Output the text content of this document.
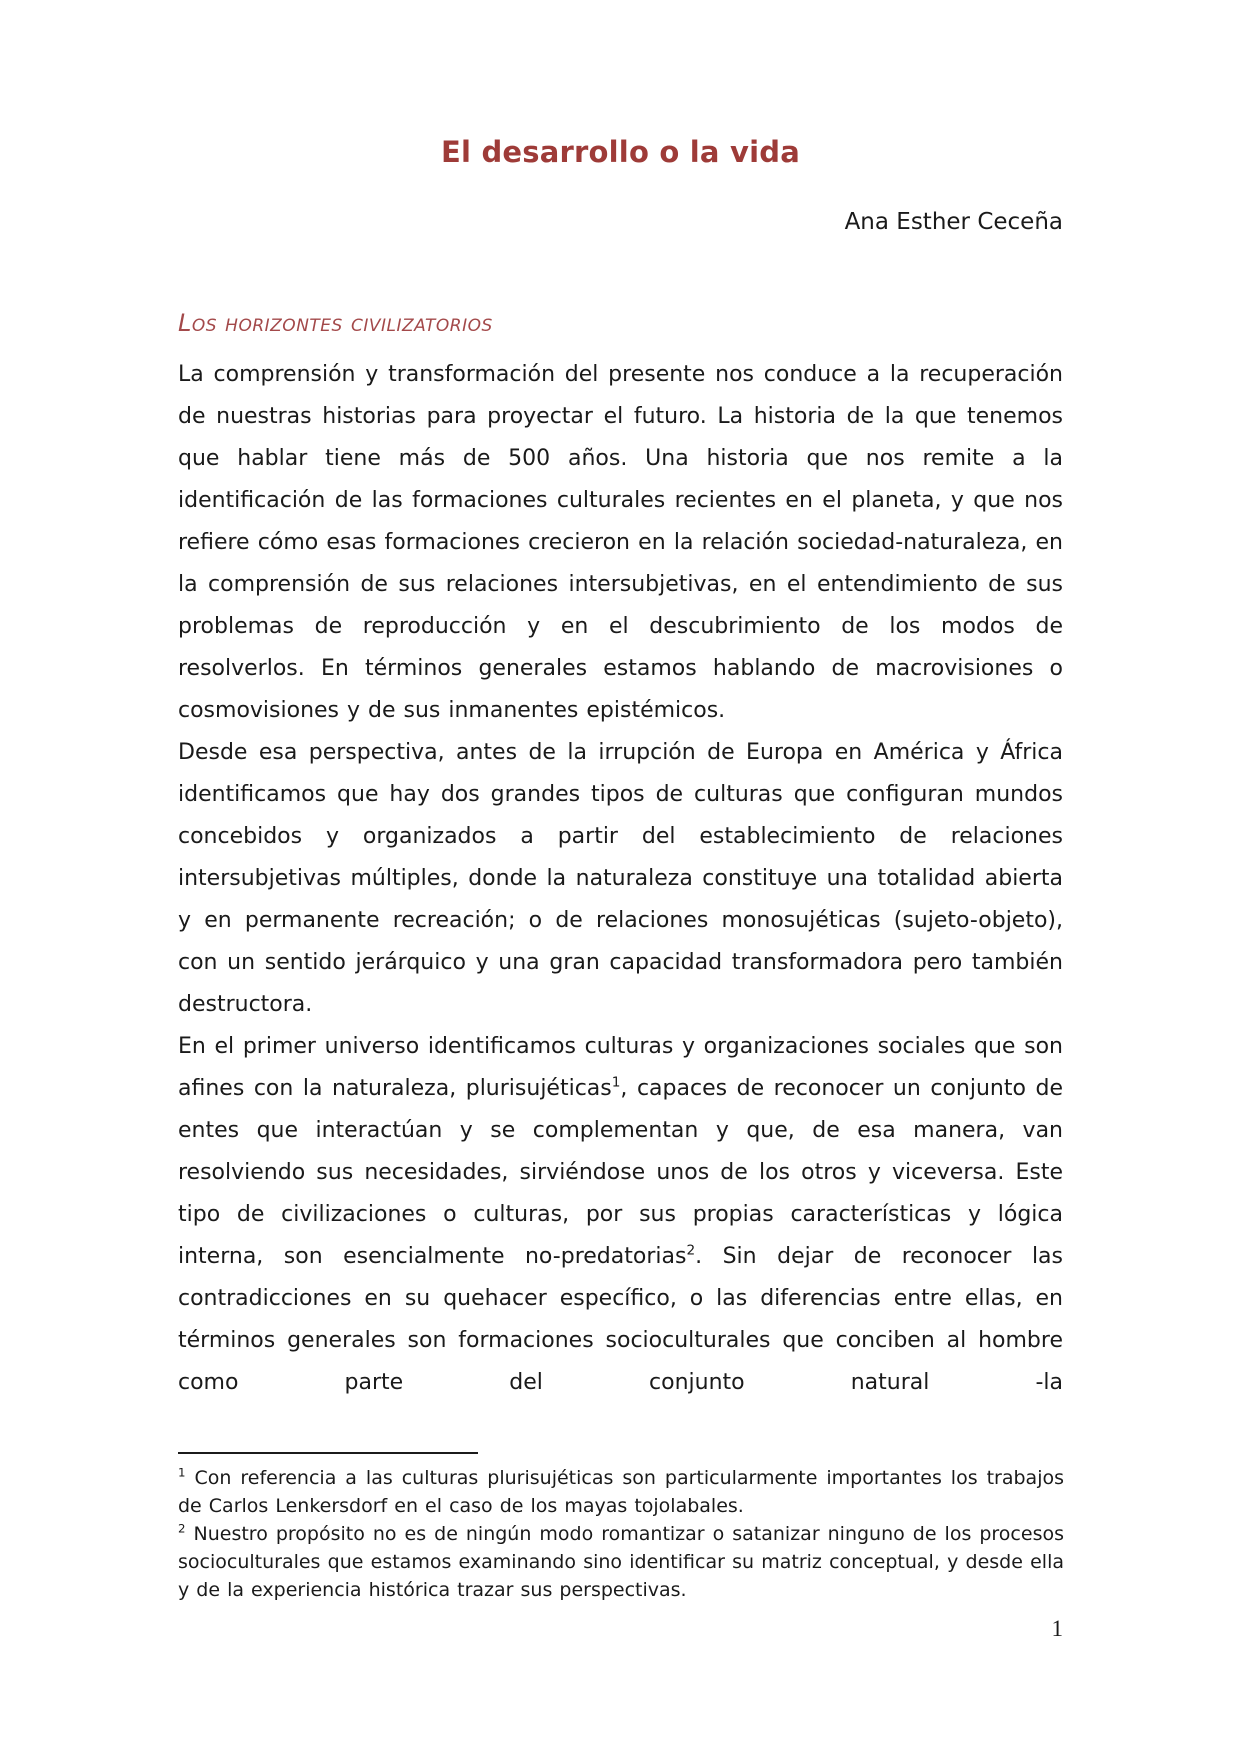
El desarrollo o la vida
Ana Esther Ceceña
Los horizontes civilizatorios

La comprensión y transformación del presente nos conduce a la recuperación de nuestras historias para proyectar el futuro. La historia de la que tenemos que hablar tiene más de 500 años. Una historia que nos remite a la identificación de las formaciones culturales recientes en el planeta, y que nos refiere cómo esas formaciones crecieron en la relación sociedad-naturaleza, en la comprensión de sus relaciones intersubjetivas, en el entendimiento de sus problemas de reproducción y en el descubrimiento de los modos de resolverlos. En términos generales estamos hablando de macrovisiones o cosmovisiones y de sus inmanentes epistémicos.

Desde esa perspectiva, antes de la irrupción de Europa en América y África identificamos que hay dos grandes tipos de culturas que configuran mundos concebidos y organizados a partir del establecimiento de relaciones intersubjetivas múltiples, donde la naturaleza constituye una totalidad abierta y en permanente recreación; o de relaciones monosujéticas (sujeto-objeto), con un sentido jerárquico y una gran capacidad transformadora pero también destructora.

En el primer universo identificamos culturas y organizaciones sociales que son afines con la naturaleza, plurisujéticas$^1$, capaces de reconocer un conjunto de entes que interactúan y se complementan y que, de esa manera, van resolviendo sus necesidades, sirviéndose unos de los otros y viceversa. Este tipo de civilizaciones o culturas, por sus propias características y lógica interna, son esencialmente no-predatorias$^2$. Sin dejar de reconocer las contradicciones en su quehacer específico, o las diferencias entre ellas, en términos generales son formaciones socioculturales que conciben al hombre como parte del conjunto natural -la

$^1$ Con referencia a las culturas plurisujéticas son particularmente importantes los trabajos de Carlos Lenkersdorf en el caso de los mayas tojolabales.

$^2$ Nuestro propósito no es de ningún modo romantizar o satanizar ninguno de los procesos socioculturales que estamos examinando sino identificar su matriz conceptual, y desde ella y de la experiencia histórica trazar sus perspectivas.

1
